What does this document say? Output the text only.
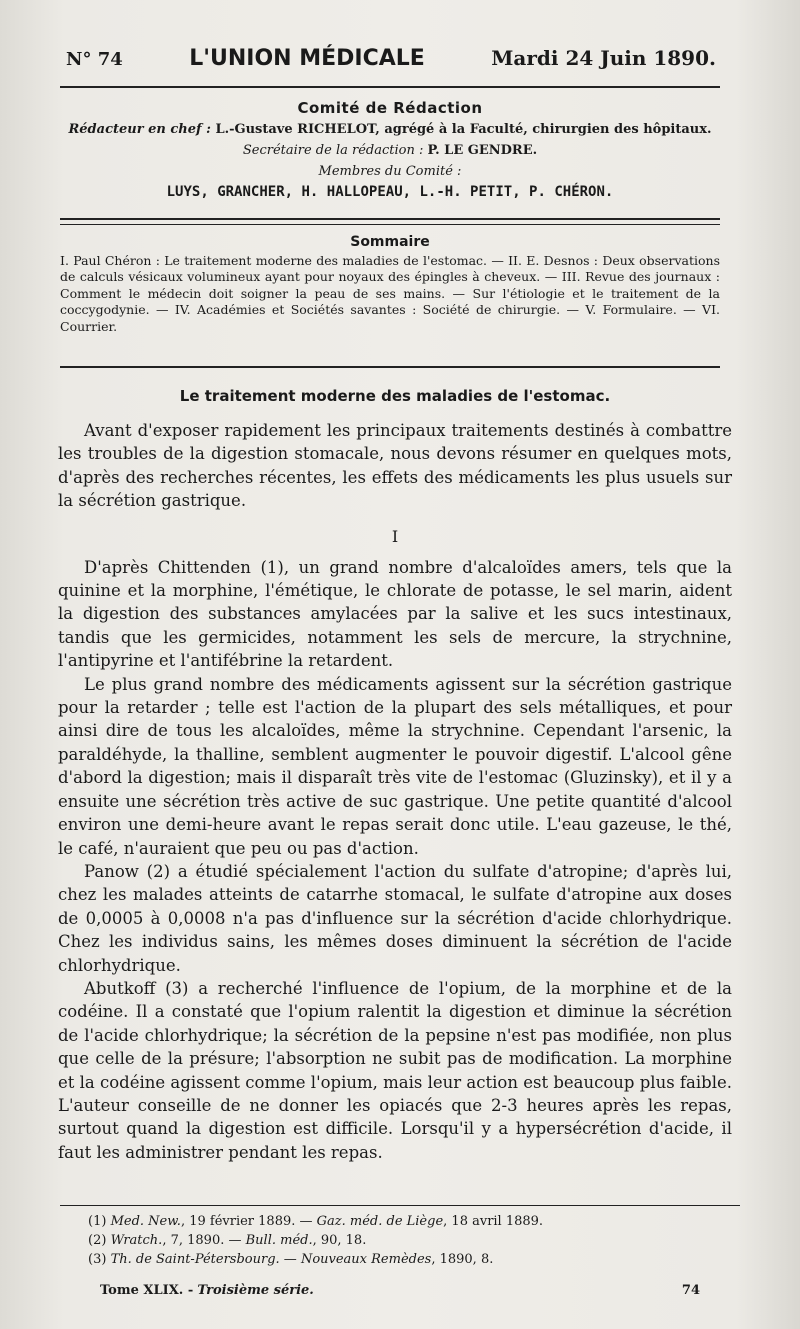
N° 74	L'UNION MÉDICALE	Mardi 24 Juin 1890.
Comité de Rédaction
Rédacteur en chef : L.-Gustave RICHELOT, agrégé à la Faculté, chirurgien des hôpitaux.
Secrétaire de la rédaction : P. LE GENDRE.
Membres du Comité :
LUYS, GRANCHER, H. HALLOPEAU, L.-H. PETIT, P. CHÉRON.
Sommaire
I. Paul Chéron : Le traitement moderne des maladies de l'estomac. — II. E. Desnos : Deux observations de calculs vésicaux volumineux ayant pour noyaux des épingles à cheveux. — III. Revue des journaux : Comment le médecin doit soigner la peau de ses mains. — Sur l'étiologie et le traitement de la coccygodynie. — IV. Académies et Sociétés savantes : Société de chirurgie. — V. Formulaire. — VI. Courrier.
Le traitement moderne des maladies de l'estomac.

Avant d'exposer rapidement les principaux traitements destinés à combattre les troubles de la digestion stomacale, nous devons résumer en quelques mots, d'après des recherches récentes, les effets des médicaments les plus usuels sur la sécrétion gastrique.

I

D'après Chittenden (1), un grand nombre d'alcaloïdes amers, tels que la quinine et la morphine, l'émétique, le chlorate de potasse, le sel marin, aident la digestion des substances amylacées par la salive et les sucs intestinaux, tandis que les germicides, notamment les sels de mercure, la strychnine, l'antipyrine et l'antifébrine la retardent.

Le plus grand nombre des médicaments agissent sur la sécrétion gastrique pour la retarder ; telle est l'action de la plupart des sels métalliques, et pour ainsi dire de tous les alcaloïdes, même la strychnine. Cependant l'arsenic, la paraldéhyde, la thalline, semblent augmenter le pouvoir digestif. L'alcool gêne d'abord la digestion; mais il disparaît très vite de l'estomac (Gluzinsky), et il y a ensuite une sécrétion très active de suc gastrique. Une petite quantité d'alcool environ une demi-heure avant le repas serait donc utile. L'eau gazeuse, le thé, le café, n'auraient que peu ou pas d'action.

Panow (2) a étudié spécialement l'action du sulfate d'atropine; d'après lui, chez les malades atteints de catarrhe stomacal, le sulfate d'atropine aux doses de 0,0005 à 0,0008 n'a pas d'influence sur la sécrétion d'acide chlorhydrique. Chez les individus sains, les mêmes doses diminuent la sécrétion de l'acide chlorhydrique.

Abutkoff (3) a recherché l'influence de l'opium, de la morphine et de la codéine. Il a constaté que l'opium ralentit la digestion et diminue la sécrétion de l'acide chlorhydrique; la sécrétion de la pepsine n'est pas modifiée, non plus que celle de la présure; l'absorption ne subit pas de modification. La morphine et la codéine agissent comme l'opium, mais leur action est beaucoup plus faible. L'auteur conseille de ne donner les opiacés que 2-3 heures après les repas, surtout quand la digestion est difficile. Lorsqu'il y a hypersécrétion d'acide, il faut les administrer pendant les repas.

(1) Med. New., 19 février 1889. — Gaz. méd. de Liège, 18 avril 1889.
(2) Wratch., 7, 1890. — Bull. méd., 90, 18.
(3) Th. de Saint-Pétersbourg. — Nouveaux Remèdes, 1890, 8.
Tome XLIX. - Troisième série.	74
